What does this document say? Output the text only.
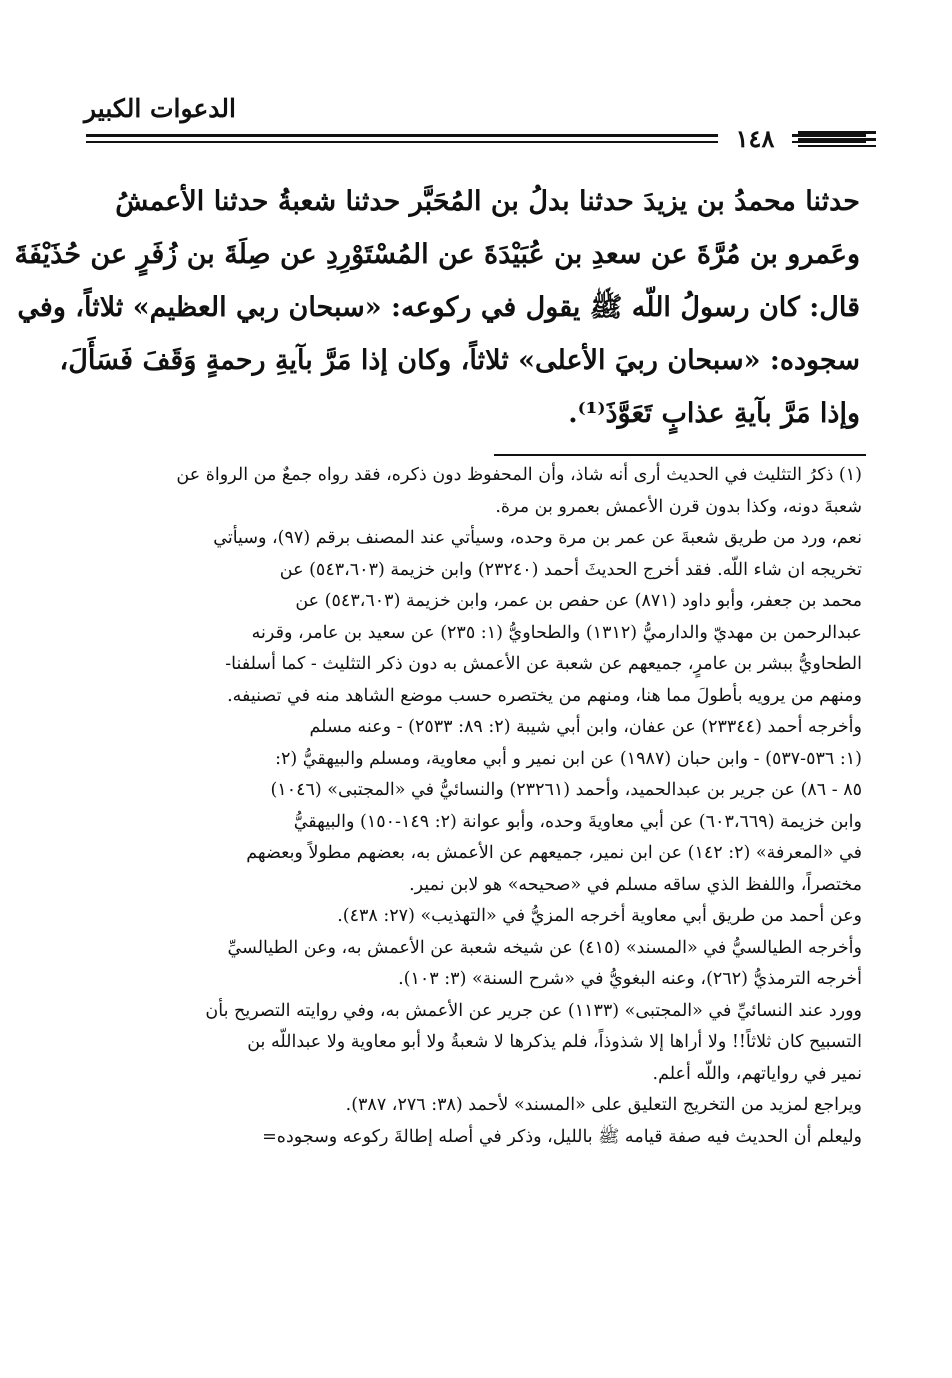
الدعوات الكبير
١٤٨

حدثنا محمدُ بن يزيدَ حدثنا بدلُ بن المُحَبَّر حدثنا شعبةُ حدثنا الأعمشُ

وعَمرو بن مُرَّةَ عن سعدِ بن عُبَيْدَةَ عن المُسْتَوْرِدِ عن صِلَةَ بن زُفَرٍ عن حُذَيْفَةَ

قال: كان رسولُ اللّه ﷺ يقول في ركوعه: «سبحان ربي العظيم» ثلاثاً، وفي

سجوده: «سبحان ربيَ الأعلى» ثلاثاً، وكان إذا مَرَّ بآيةِ رحمةٍ وَقَفَ فَسَأَلَ،

وإذا مَرَّ بآيةِ عذابٍ تَعَوَّذَ⁽¹⁾.

(١) ذكرُ التثليث في الحديث أرى أنه شاذ، وأن المحفوظ دون ذكره، فقد رواه جمعٌ من الرواة عن

شعبةَ دونه، وكذا بدون قرن الأعمش بعمرو بن مرة.

نعم، ورد من طريق شعبةَ عن عمر بن مرة وحده، وسيأتي عند المصنف برقم (٩٧)، وسيأتي

تخريجه ان شاء اللّه. فقد أخرج الحديثَ أحمد (٢٣٢٤٠) وابن خزيمة (٥٤٣،٦٠٣) عن

محمد بن جعفر، وأبو داود (٨٧١) عن حفص بن عمر، وابن خزيمة (٥٤٣،٦٠٣) عن

عبدالرحمن بن مهديّ والدارميُّ (١٣١٢) والطحاويُّ (١: ٢٣٥) عن سعيد بن عامر، وقرنه

الطحاويُّ ببشر بن عامرٍ، جميعهم عن شعبة عن الأعمش به دون ذكر التثليث - كما أسلفنا-

ومنهم من يرويه بأطولَ مما هنا، ومنهم من يختصره حسب موضع الشاهد منه في تصنيفه.

وأخرجه أحمد (٢٣٣٤٤) عن عفان، وابن أبي شيبة (٢: ٨٩: ٢٥٣٣) - وعنه مسلم

(١: ٥٣٦-٥٣٧) - وابن حبان (١٩٨٧) عن ابن نمير و أبي معاوية، ومسلم والبيهقيُّ (٢:

٨٥ - ٨٦) عن جرير بن عبدالحميد، وأحمد (٢٣٢٦١) والنسائيُّ في «المجتبى» (١٠٤٦)

وابن خزيمة (٦٠٣،٦٦٩) عن أبي معاويةَ وحده، وأبو عوانة (٢: ١٤٩-١٥٠) والبيهقيُّ

في «المعرفة» (٢: ١٤٢) عن ابن نمير، جميعهم عن الأعمش به، بعضهم مطولاً وبعضهم

مختصراً، واللفظ الذي ساقه مسلم في «صحيحه» هو لابن نمير.

وعن أحمد من طريق أبي معاوية أخرجه المزيُّ في «التهذيب» (٢٧: ٤٣٨).

وأخرجه الطيالسيُّ في «المسند» (٤١٥) عن شيخه شعبة عن الأعمش به، وعن الطيالسيِّ

أخرجه الترمذيُّ (٢٦٢)، وعنه البغويُّ في «شرح السنة» (٣: ١٠٣).

وورد عند النسائيِّ في «المجتبى» (١١٣٣) عن جرير عن الأعمش به، وفي روايته التصريح بأن

التسبيح كان ثلاثاً!! ولا أراها إلا شذوذاً، فلم يذكرها لا شعبةُ ولا أبو معاوية ولا عبداللّه بن

نمير في رواياتهم، واللّه أعلم.

ويراجع لمزيد من التخريج التعليق على «المسند» لأحمد (٣٨: ٢٧٦، ٣٨٧).

وليعلم أن الحديث فيه صفة قيامه ﷺ بالليل، وذكر في أصله إطالةَ ركوعه وسجوده=
